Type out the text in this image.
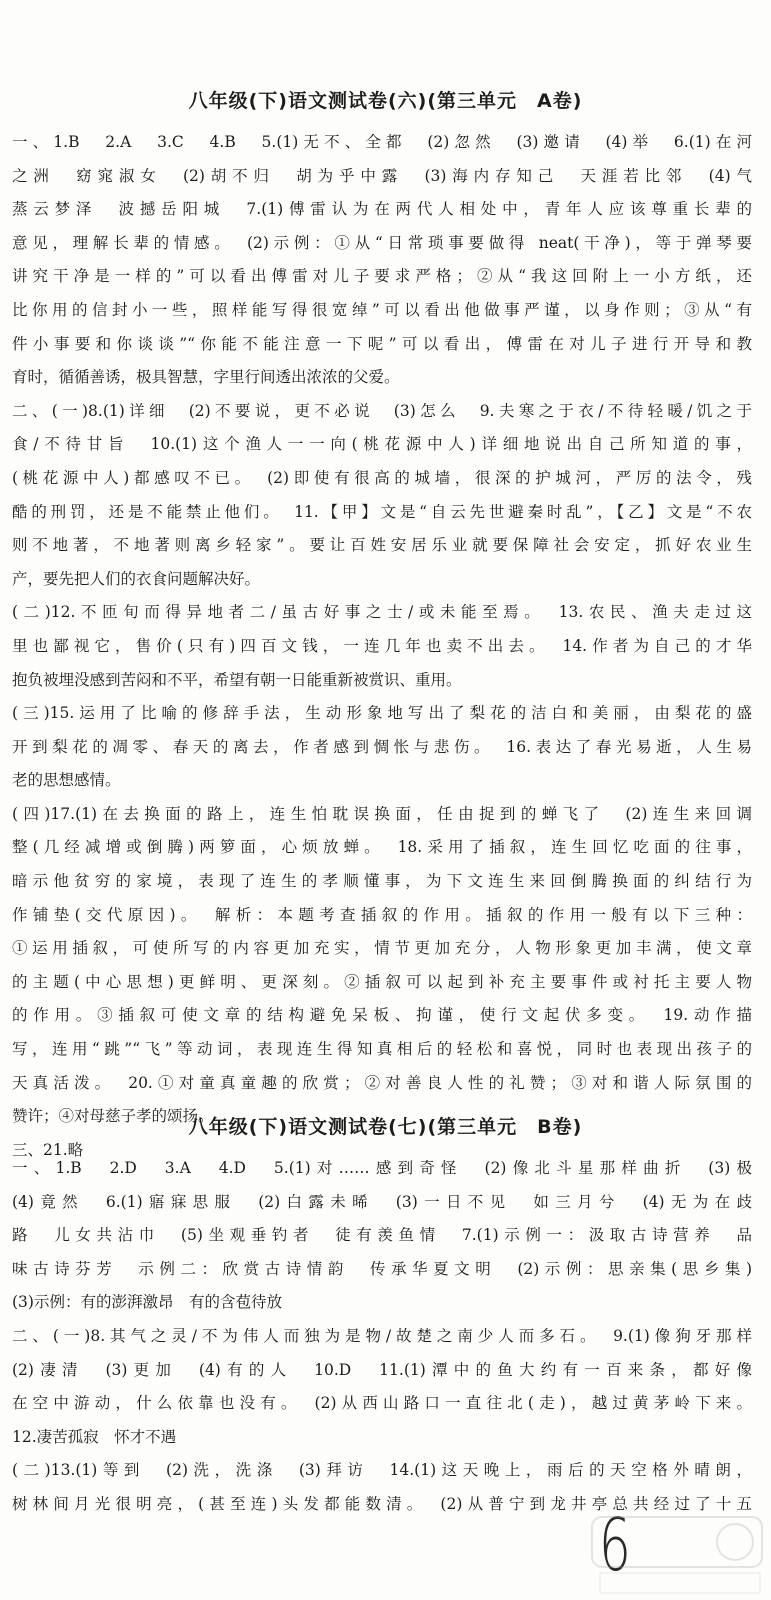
八年级(下)语文测试卷(六)(第三单元　A卷)
一、1.B　2.A　3.C　4.B　5.(1)无不、全都　(2)忽然　(3)邀请　(4)举　6.(1)在河
之洲　窈窕淑女　(2)胡不归　胡为乎中露　(3)海内存知己　天涯若比邻　(4)气
蒸云梦泽　波撼岳阳城　7.(1)傅雷认为在两代人相处中，青年人应该尊重长辈的
意见，理解长辈的情感。　(2)示例：①从“日常琐事要做得 neat(干净)，等于弹琴要
讲究干净是一样的”可以看出傅雷对儿子要求严格；②从“我这回附上一小方纸，还
比你用的信封小一些，照样能写得很宽绰”可以看出他做事严谨，以身作则；③从“有
件小事要和你谈谈”“你能不能注意一下呢”可以看出，傅雷在对儿子进行开导和教
育时，循循善诱，极具智慧，字里行间透出浓浓的父爱。
二、(一)8.(1)详细　(2)不要说，更不必说　(3)怎么　9.夫寒之于衣/不待轻暖/饥之于
食/不待甘旨　10.(1)这个渔人一一向(桃花源中人)详细地说出自己所知道的事，
(桃花源中人)都感叹不已。　(2)即使有很高的城墙，很深的护城河，严厉的法令，残
酷的刑罚，还是不能禁止他们。　11.【甲】文是“自云先世避秦时乱”，【乙】文是“不农
则不地著，不地著则离乡轻家”。要让百姓安居乐业就要保障社会安定，抓好农业生
产，要先把人们的衣食问题解决好。
(二)12.不匝旬而得异地者二/虽古好事之士/或未能至焉。　13.农民、渔夫走过这
里也鄙视它，售价(只有)四百文钱，一连几年也卖不出去。　14.作者为自己的才华
抱负被埋没感到苦闷和不平，希望有朝一日能重新被赏识、重用。
(三)15.运用了比喻的修辞手法，生动形象地写出了梨花的洁白和美丽，由梨花的盛
开到梨花的凋零、春天的离去，作者感到惆怅与悲伤。　16.表达了春光易逝，人生易
老的思想感情。
(四)17.(1)在去换面的路上，连生怕耽误换面，任由捉到的蝉飞了　(2)连生来回调
整(几经减增或倒腾)两箩面，心烦放蝉。　18.采用了插叙，连生回忆吃面的往事，
暗示他贫穷的家境，表现了连生的孝顺懂事，为下文连生来回倒腾换面的纠结行为
作铺垫(交代原因)。　解析：本题考查插叙的作用。插叙的作用一般有以下三种：
①运用插叙，可使所写的内容更加充实，情节更加充分，人物形象更加丰满，使文章
的主题(中心思想)更鲜明、更深刻。②插叙可以起到补充主要事件或衬托主要人物
的作用。③插叙可使文章的结构避免呆板、拘谨，使行文起伏多变。　19.动作描
写，连用“跳”“飞”等动词，表现连生得知真相后的轻松和喜悦，同时也表现出孩子的
天真活泼。　20.①对童真童趣的欣赏；②对善良人性的礼赞；③对和谐人际氛围的
赞许；④对母慈子孝的颂扬。
三、21.略
八年级(下)语文测试卷(七)(第三单元　B卷)
一、1.B　2.D　3.A　4.D　5.(1)对……感到奇怪　(2)像北斗星那样曲折　(3)极
(4)竟然　6.(1)寤寐思服　(2)白露未晞　(3)一日不见　如三月兮　(4)无为在歧
路　儿女共沾巾　(5)坐观垂钓者　徒有羡鱼情　7.(1)示例一：汲取古诗营养　品
味古诗芬芳　示例二：欣赏古诗情韵　传承华夏文明　(2)示例：思亲集(思乡集)
(3)示例：有的澎湃激昂　有的含苞待放
二、(一)8.其气之灵/不为伟人而独为是物/故楚之南少人而多石。　9.(1)像狗牙那样
(2)凄清　(3)更加　(4)有的人　10.D　11.(1)潭中的鱼大约有一百来条，都好像
在空中游动，什么依靠也没有。　(2)从西山路口一直往北(走)，越过黄茅岭下来。
12.凄苦孤寂　怀才不遇
(二)13.(1)等到　(2)洗，洗涤　(3)拜访　14.(1)这天晚上，雨后的天空格外晴朗，
树林间月光很明亮，(甚至连)头发都能数清。　(2)从普宁到龙井亭总共经过了十五
6
